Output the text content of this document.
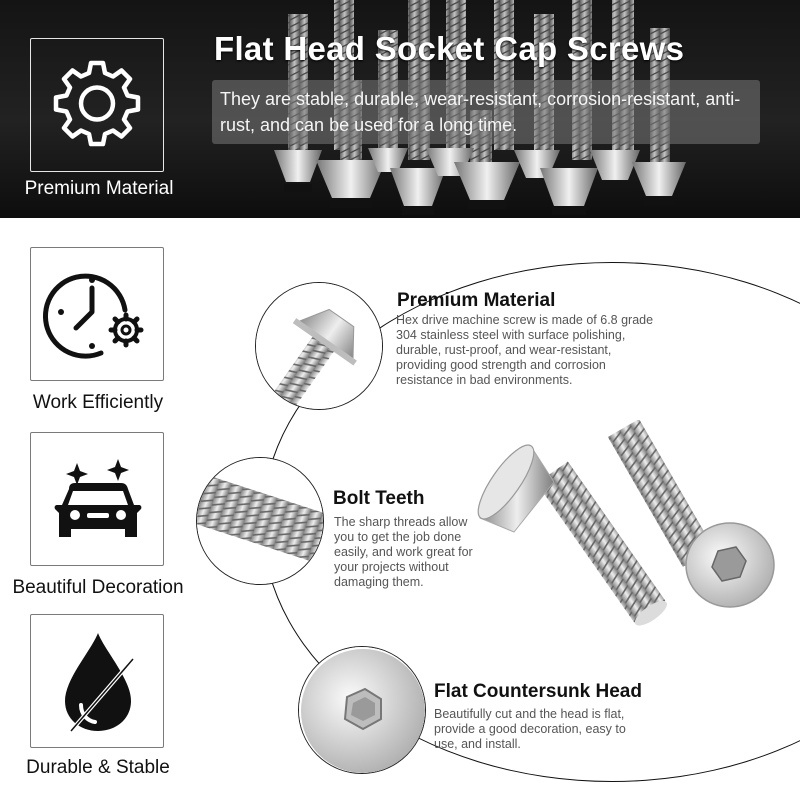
Premium Material
Flat Head Socket Cap Screws
They are stable, durable, wear-resistant, corrosion-resistant, anti-rust, and can be used for a long time.
Work Efficiently
Beautiful Decoration
Durable & Stable
Premium Material
Hex drive machine screw is made of 6.8 grade 304 stainless steel with surface polishing, durable, rust-proof, and wear-resistant, providing good strength and corrosion resistance in bad environments.
Bolt Teeth
The sharp threads allow you to get the job done easily, and work great for your projects without damaging them.
Flat Countersunk Head
Beautifully cut and the head is flat, provide a good decoration, easy to use, and install.
